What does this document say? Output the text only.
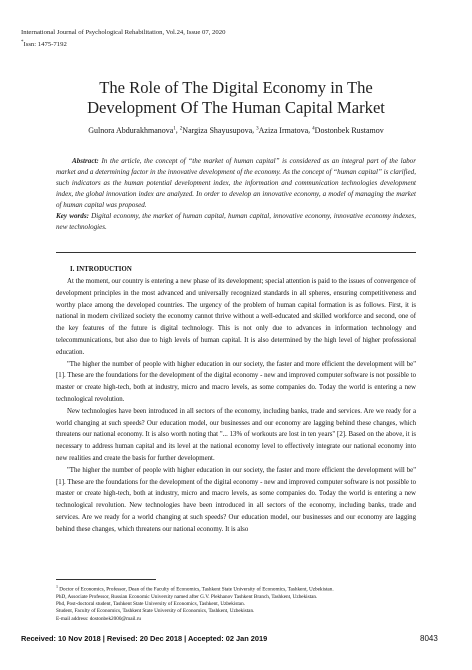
International Journal of Psychological Rehabilitation, Vol.24, Issue 07, 2020
*Issn: 1475-7192
The Role of The Digital Economy in The
Development Of The Human Capital Market
Gulnora Abdurakhmanova$^1$, $^2$Nargiza Shayusupova, $^3$Aziza Irmatova, $^4$Dostonbek Rustamov
Abstract: In the article, the concept of “the market of human capital” is considered as an integral part of the labor market and a determining factor in the innovative development of the economy. As the concept of “human capital” is clarified, such indicators as the human potential development index, the information and communication technologies development index, the global innovation index are analyzed. In order to develop an innovative economy, a model of managing the market of human capital was proposed.
Key words: Digital economy, the market of human capital, human capital, innovative economy, innovative economy indexes, new technologies.
I. INTRODUCTION

At the moment, our country is entering a new phase of its development; special attention is paid to the issues of convergence of development principles in the most advanced and universally recognized standards in all spheres, ensuring competitiveness and worthy place among the developed countries. The urgency of the problem of human capital formation is as follows. First, it is national in modern civilized society the economy cannot thrive without a well-educated and skilled workforce and second, one of the key features of the future is digital technology. This is not only due to advances in information technology and telecommunications, but also due to high levels of human capital. It is also determined by the high level of higher professional education.

"The higher the number of people with higher education in our society, the faster and more efficient the development will be" [1]. These are the foundations for the development of the digital economy - new and improved computer software is not possible to master or create high-tech, both at industry, micro and macro levels, as some companies do. Today the world is entering a new technological revolution.

New technologies have been introduced in all sectors of the economy, including banks, trade and services. Are we ready for a world changing at such speeds? Our education model, our businesses and our economy are lagging behind these changes, which threatens our national economy. It is also worth noting that "... 13% of workouts are lost in ten years" [2]. Based on the above, it is necessary to address human capital and its level at the national economy level to effectively integrate our national economy into new realities and create the basis for further development.

"The higher the number of people with higher education in our society, the faster and more efficient the development will be" [1]. These are the foundations for the development of the digital economy - new and improved computer software is not possible to master or create high-tech, both at industry, micro and macro levels, as some companies do. Today the world is entering a new technological revolution. New technologies have been introduced in all sectors of the economy, including banks, trade and services. Are we ready for a world changing at such speeds? Our education model, our businesses and our economy are lagging behind these changes, which threatens our national economy. It is also

$^1$ Doctor of Economics, Professor, Dean of the Faculty of Economics, Tashkent State University of Economics, Tashkent, Uzbekistan.
PhD, Associate Professor, Russian Economic University named after G.V. Plekhanov Tashkent Branch, Tashkent, Uzbekistan.
Phd, Post-doctoral student, Tashkent State University of Economics, Tashkent, Uzbekistan.
Student, Faculty of Economics, Tashkent State University of Economics, Tashkent, Uzbekistan.
E-mail address: dostonbek2000@mail.ru
Received: 10 Nov 2018 | Revised: 20 Dec 2018 | Accepted: 02 Jan 2019	8043
